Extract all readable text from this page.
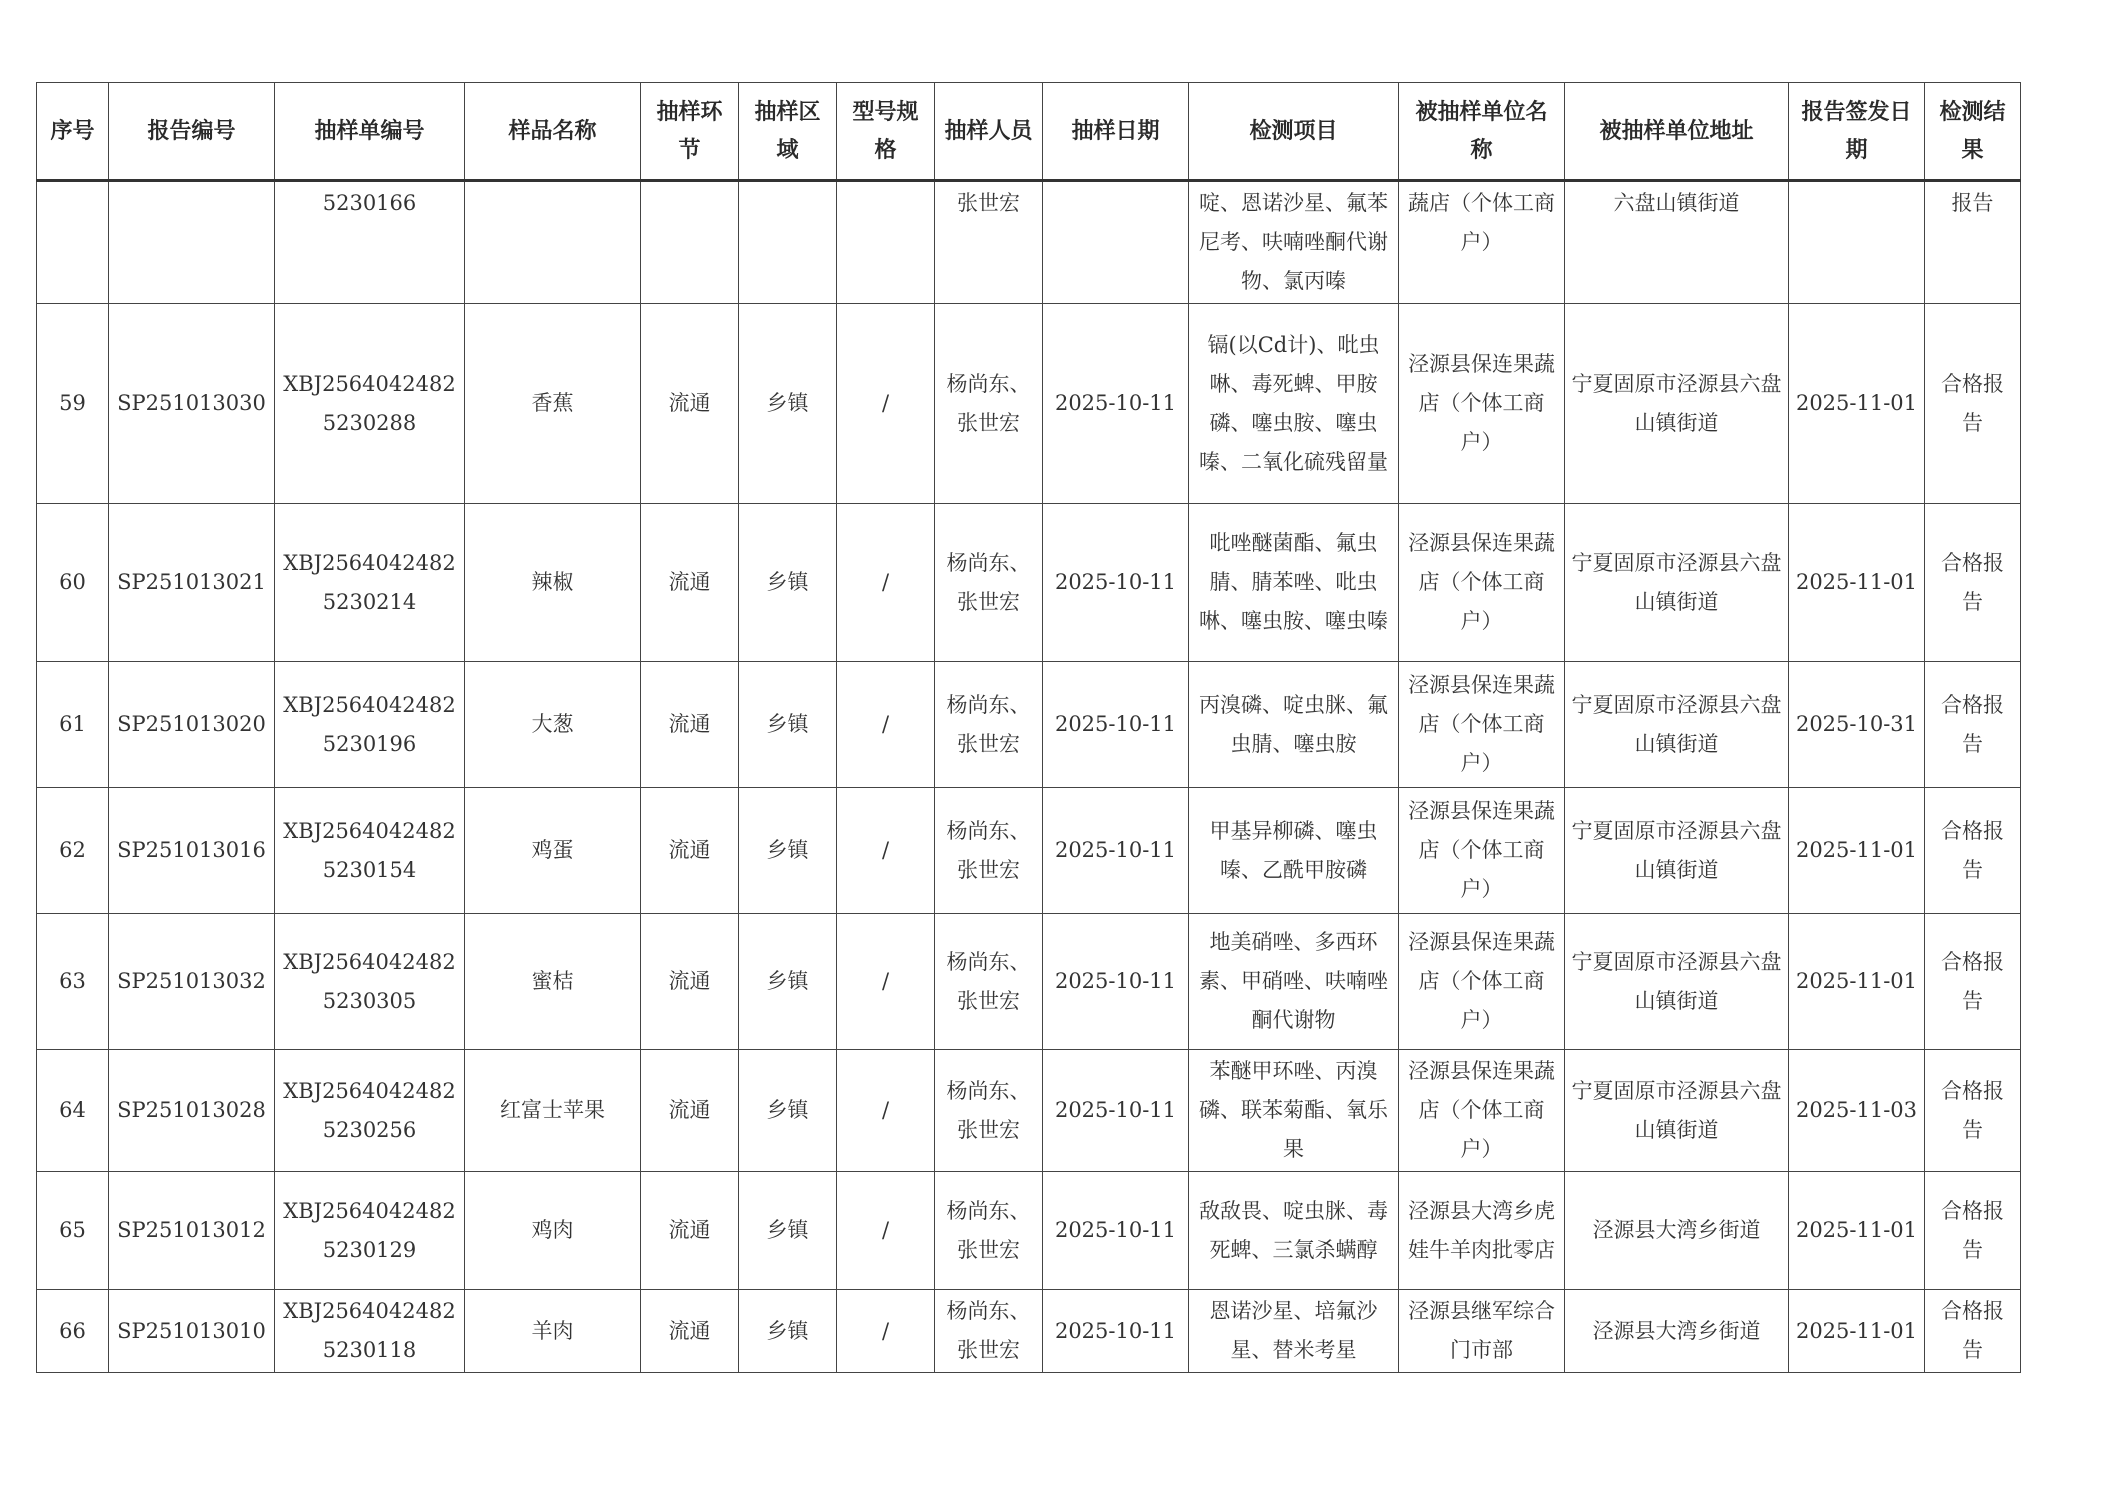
序号	报告编号	抽样单编号	样品名称	抽样环节	抽样区域	型号规格	抽样人员	抽样日期	检测项目	被抽样单位名称	被抽样单位地址	报告签发日期	检测结果
		5230166					张世宏		啶、恩诺沙星、氟苯尼考、呋喃唑酮代谢物、氯丙嗪	蔬店（个体工商户）	六盘山镇街道		报告
59	SP251013030	XBJ25640424825230288	香蕉	流通	乡镇	/	杨尚东、张世宏	2025-10-11	镉(以Cd计)、吡虫啉、毒死蜱、甲胺磷、噻虫胺、噻虫嗪、二氧化硫残留量	泾源县保连果蔬店（个体工商户）	宁夏固原市泾源县六盘山镇街道	2025-11-01	合格报告
60	SP251013021	XBJ25640424825230214	辣椒	流通	乡镇	/	杨尚东、张世宏	2025-10-11	吡唑醚菌酯、氟虫腈、腈苯唑、吡虫啉、噻虫胺、噻虫嗪	泾源县保连果蔬店（个体工商户）	宁夏固原市泾源县六盘山镇街道	2025-11-01	合格报告
61	SP251013020	XBJ25640424825230196	大葱	流通	乡镇	/	杨尚东、张世宏	2025-10-11	丙溴磷、啶虫脒、氟虫腈、噻虫胺	泾源县保连果蔬店（个体工商户）	宁夏固原市泾源县六盘山镇街道	2025-10-31	合格报告
62	SP251013016	XBJ25640424825230154	鸡蛋	流通	乡镇	/	杨尚东、张世宏	2025-10-11	甲基异柳磷、噻虫嗪、乙酰甲胺磷	泾源县保连果蔬店（个体工商户）	宁夏固原市泾源县六盘山镇街道	2025-11-01	合格报告
63	SP251013032	XBJ25640424825230305	蜜桔	流通	乡镇	/	杨尚东、张世宏	2025-10-11	地美硝唑、多西环素、甲硝唑、呋喃唑酮代谢物	泾源县保连果蔬店（个体工商户）	宁夏固原市泾源县六盘山镇街道	2025-11-01	合格报告
64	SP251013028	XBJ25640424825230256	红富士苹果	流通	乡镇	/	杨尚东、张世宏	2025-10-11	苯醚甲环唑、丙溴磷、联苯菊酯、氧乐果	泾源县保连果蔬店（个体工商户）	宁夏固原市泾源县六盘山镇街道	2025-11-03	合格报告
65	SP251013012	XBJ25640424825230129	鸡肉	流通	乡镇	/	杨尚东、张世宏	2025-10-11	敌敌畏、啶虫脒、毒死蜱、三氯杀螨醇	泾源县大湾乡虎娃牛羊肉批零店	泾源县大湾乡街道	2025-11-01	合格报告
66	SP251013010	XBJ25640424825230118	羊肉	流通	乡镇	/	杨尚东、张世宏	2025-10-11	恩诺沙星、培氟沙星、替米考星	泾源县继军综合门市部	泾源县大湾乡街道	2025-11-01	合格报告
